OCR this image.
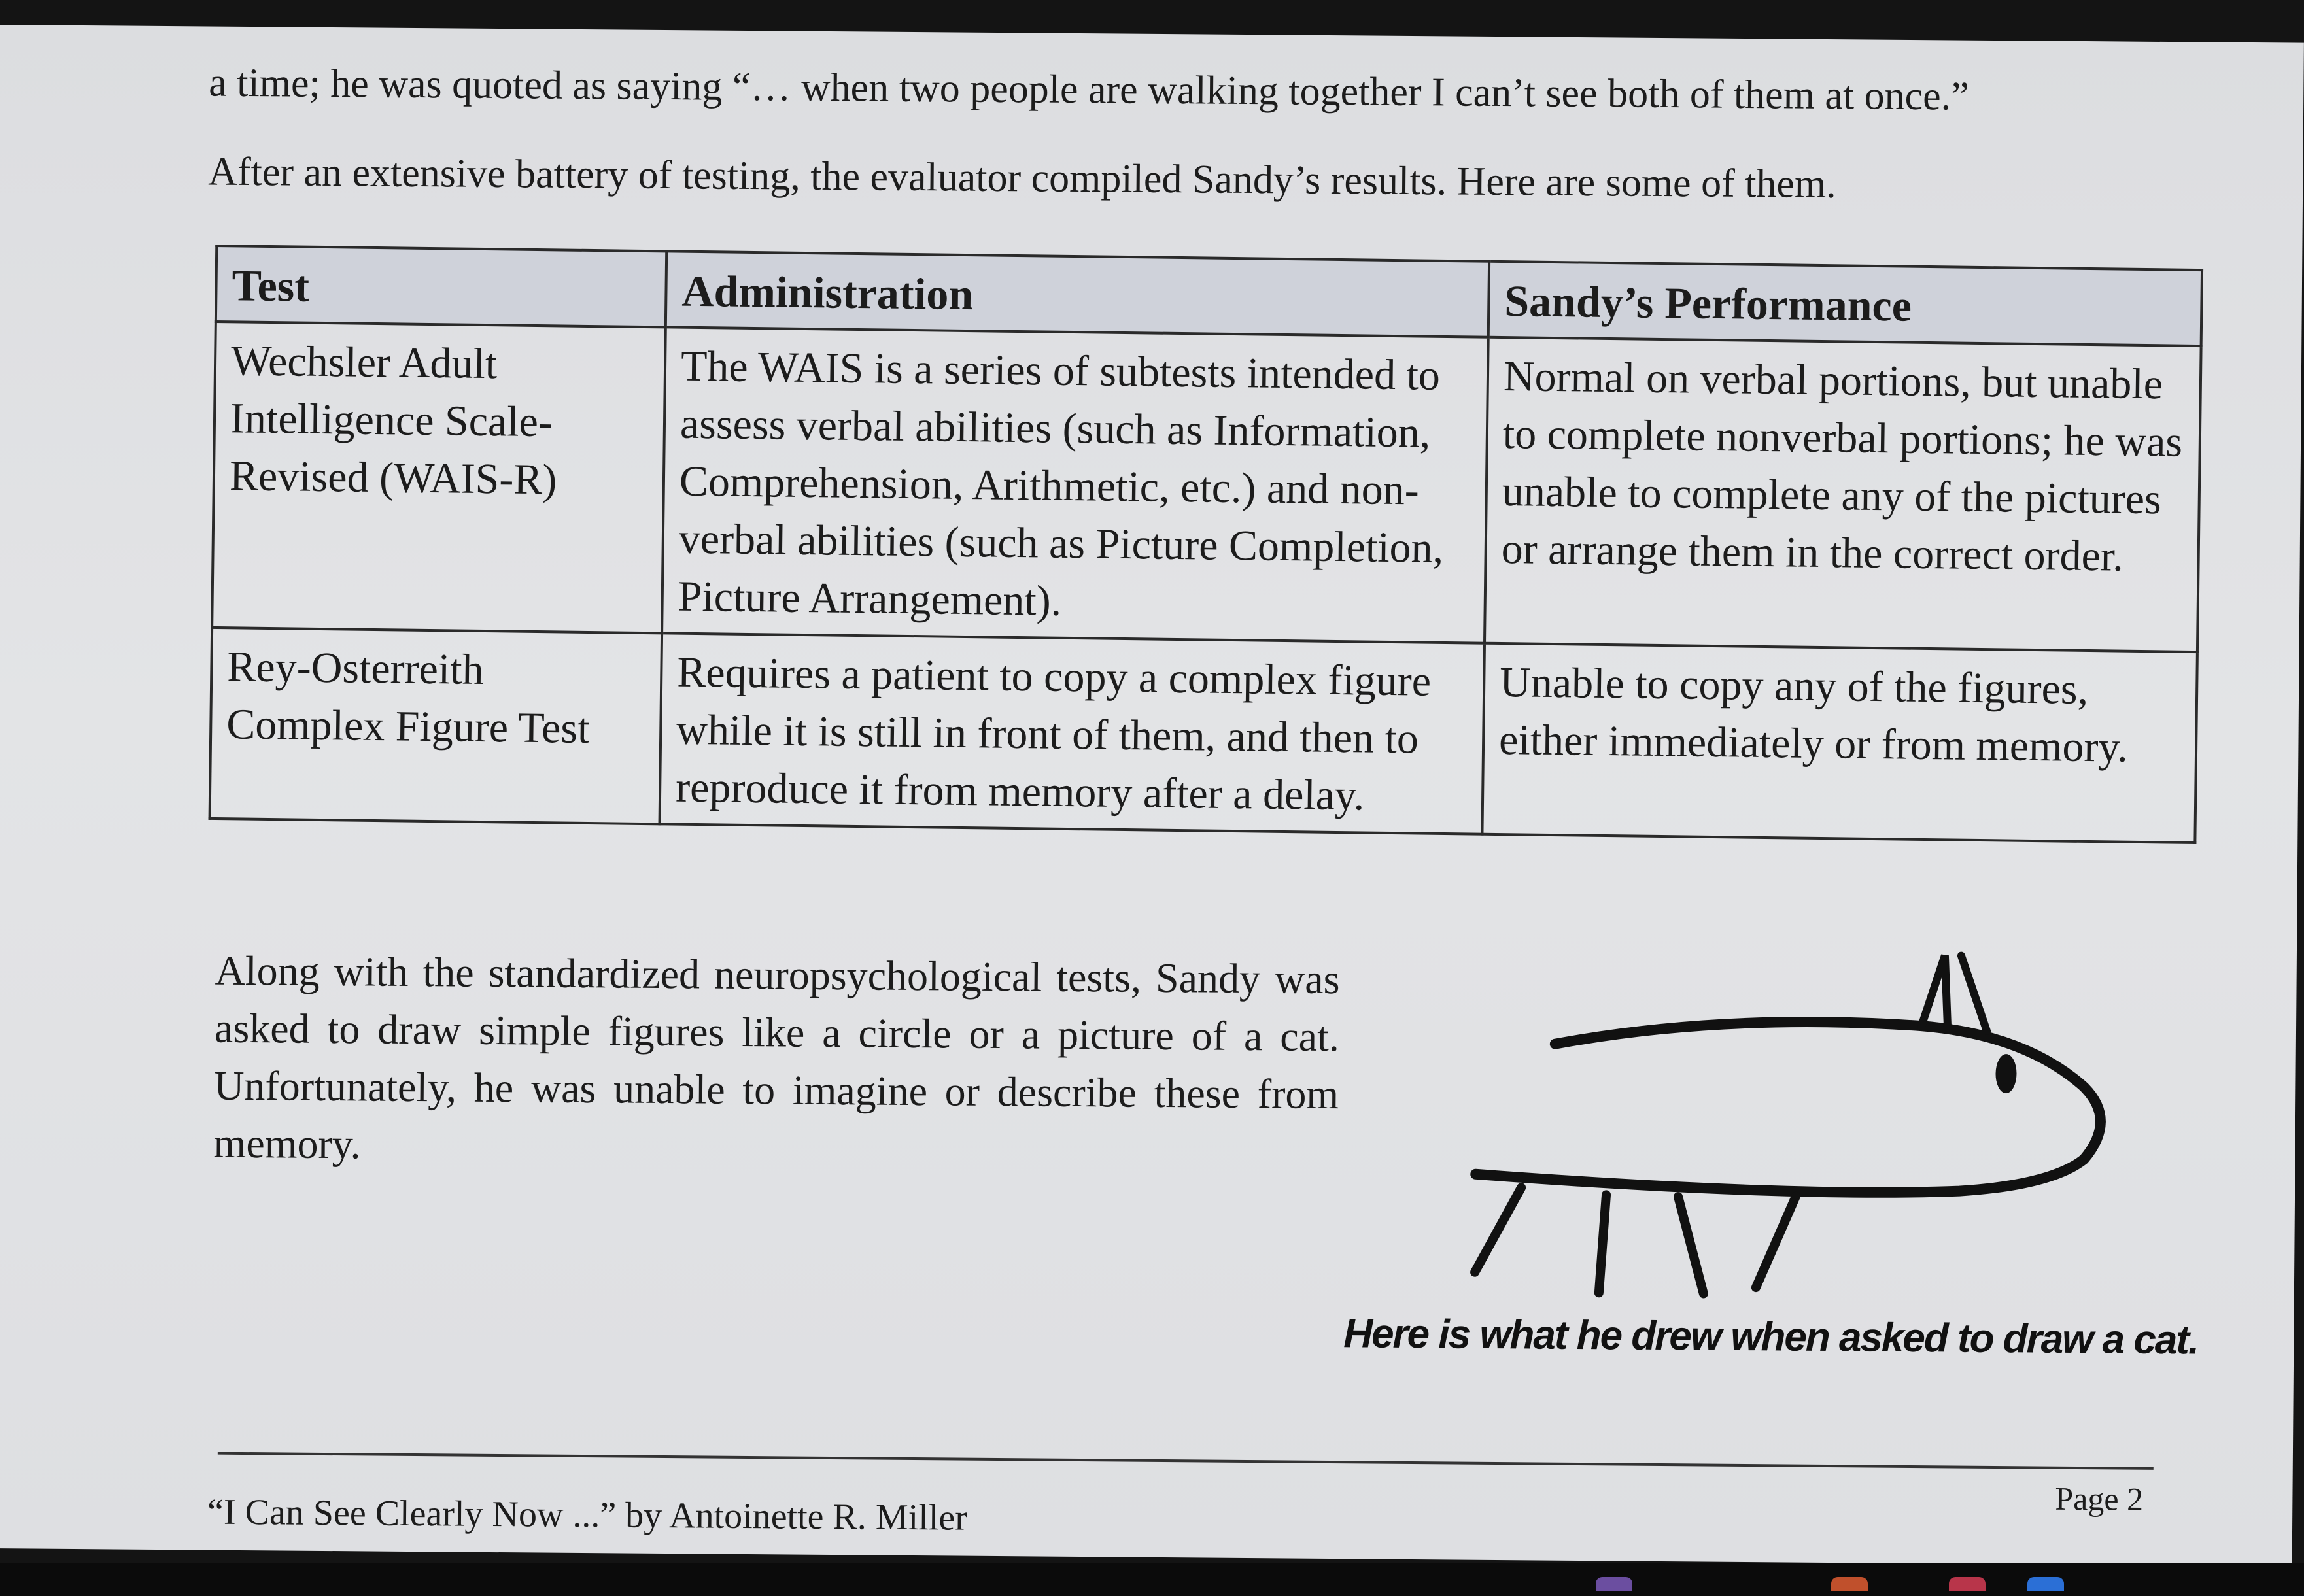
a time; he was quoted as saying “… when two people are walking together I can’t see both of them at once.”

After an extensive battery of testing, the evaluator compiled Sandy’s results. Here are some of them.

Test	Administration	Sandy’s Performance
Wechsler Adult Intelligence Scale-Revised (WAIS-R)	The WAIS is a series of subtests intended to assess verbal abilities (such as Information, Comprehension, Arithmetic, etc.) and non-verbal abilities (such as Picture Completion, Picture Arrangement).	Normal on verbal portions, but unable to complete nonverbal portions; he was unable to complete any of the pictures or arrange them in the correct order.
Rey-Osterreith Complex Figure Test	Requires a patient to copy a complex figure while it is still in front of them, and then to reproduce it from memory after a delay.	Unable to copy any of the figures, either immediately or from memory.

Along with the standardized neuropsychological tests, Sandy was asked to draw simple figures like a circle or a picture of a cat. Unfortunately, he was unable to imagine or describe these from memory.

Here is what he drew when asked to draw a cat.
“I Can See Clearly Now ...” by Antoinette R. Miller	Page 2
